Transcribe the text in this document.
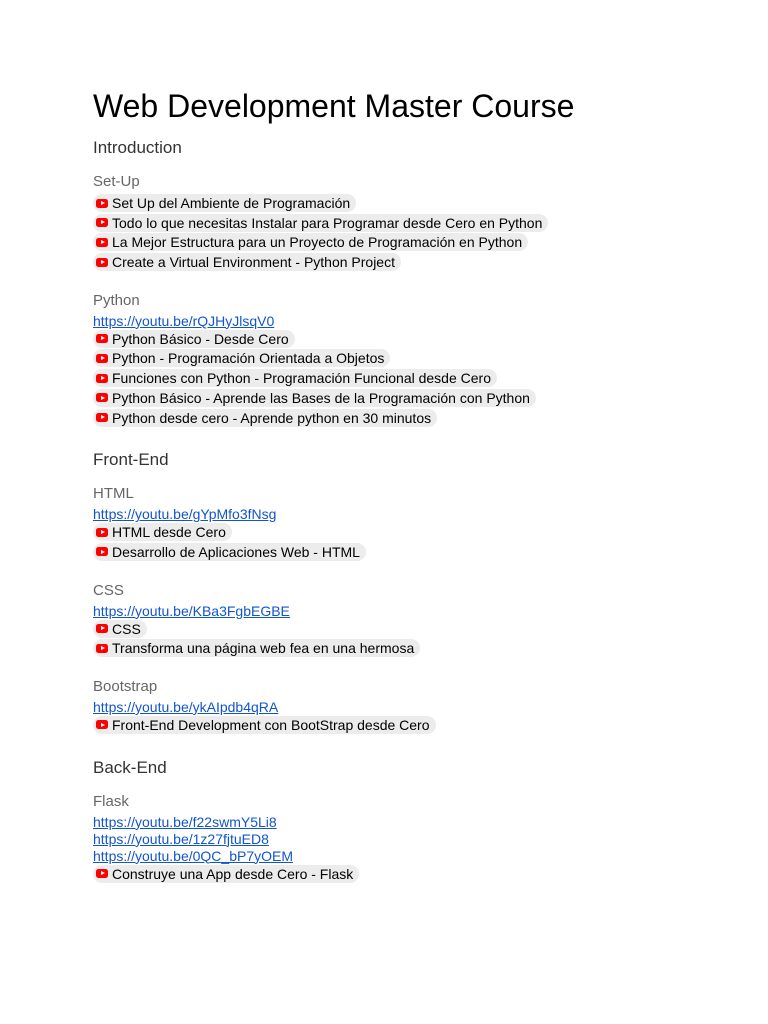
Web Development Master Course
Introduction
Set-Up
Set Up del Ambiente de Programación
Todo lo que necesitas Instalar para Programar desde Cero en Python
La Mejor Estructura para un Proyecto de Programación en Python
Create a Virtual Environment - Python Project
Python
https://youtu.be/rQJHyJlsqV0
Python Básico - Desde Cero
Python - Programación Orientada a Objetos
Funciones con Python - Programación Funcional desde Cero
Python Básico - Aprende las Bases de la Programación con Python
Python desde cero - Aprende python en 30 minutos
Front-End
HTML
https://youtu.be/gYpMfo3fNsg
HTML desde Cero
Desarrollo de Aplicaciones Web - HTML
CSS
https://youtu.be/KBa3FgbEGBE
CSS
Transforma una página web fea en una hermosa
Bootstrap
https://youtu.be/ykAIpdb4qRA
Front-End Development con BootStrap desde Cero
Back-End
Flask
https://youtu.be/f22swmY5Li8
https://youtu.be/1z27fjtuED8
https://youtu.be/0QC_bP7yOEM
Construye una App desde Cero - Flask
